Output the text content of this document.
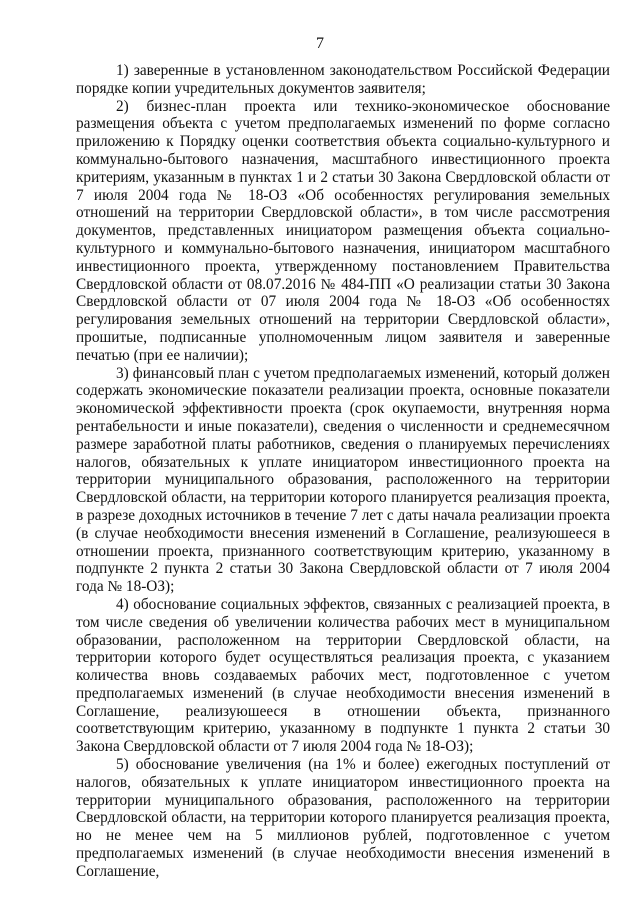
7

1) заверенные в установленном законодательством Российской Федерации порядке копии учредительных документов заявителя;

2) бизнес-план проекта или технико-экономическое обоснование размещения объекта с учетом предполагаемых изменений по форме согласно приложению к Порядку оценки соответствия объекта социально-культурного и коммунально-бытового назначения, масштабного инвестиционного проекта критериям, указанным в пунктах 1 и 2 статьи 30 Закона Свердловской области от 7 июля 2004 года № 18-ОЗ «Об особенностях регулирования земельных отношений на территории Свердловской области», в том числе рассмотрения документов, представленных инициатором размещения объекта социально-культурного и коммунально-бытового назначения, инициатором масштабного инвестиционного проекта, утвержденному постановлением Правительства Свердловской области от 08.07.2016 № 484-ПП «О реализации статьи 30 Закона Свердловской области от 07 июля 2004 года № 18-ОЗ «Об особенностях регулирования земельных отношений на территории Свердловской области», прошитые, подписанные уполномоченным лицом заявителя и заверенные печатью (при ее наличии);

3) финансовый план с учетом предполагаемых изменений, который должен содержать экономические показатели реализации проекта, основные показатели экономической эффективности проекта (срок окупаемости, внутренняя норма рентабельности и иные показатели), сведения о численности и среднемесячном размере заработной платы работников, сведения о планируемых перечислениях налогов, обязательных к уплате инициатором инвестиционного проекта на территории муниципального образования, расположенного на территории Свердловской области, на территории которого планируется реализация проекта, в разрезе доходных источников в течение 7 лет с даты начала реализации проекта (в случае необходимости внесения изменений в Соглашение, реализуюшееся в отношении проекта, признанного соответствующим критерию, указанному в подпункте 2 пункта 2 статьи 30 Закона Свердловской области от 7 июля 2004 года № 18-ОЗ);

4) обоснование социальных эффектов, связанных с реализацией проекта, в том числе сведения об увеличении количества рабочих мест в муниципальном образовании, расположенном на территории Свердловской области, на территории которого будет осуществляться реализация проекта, с указанием количества вновь создаваемых рабочих мест, подготовленное с учетом предполагаемых изменений (в случае необходимости внесения изменений в Соглашение, реализуюшееся в отношении объекта, признанного соответствующим критерию, указанному в подпункте 1 пункта 2 статьи 30 Закона Свердловской области от 7 июля 2004 года № 18-ОЗ);

5) обоснование увеличения (на 1% и более) ежегодных поступлений от налогов, обязательных к уплате инициатором инвестиционного проекта на территории муниципального образования, расположенного на территории Свердловской области, на территории которого планируется реализация проекта, но не менее чем на 5 миллионов рублей, подготовленное с учетом предполагаемых изменений (в случае необходимости внесения изменений в Соглашение,
